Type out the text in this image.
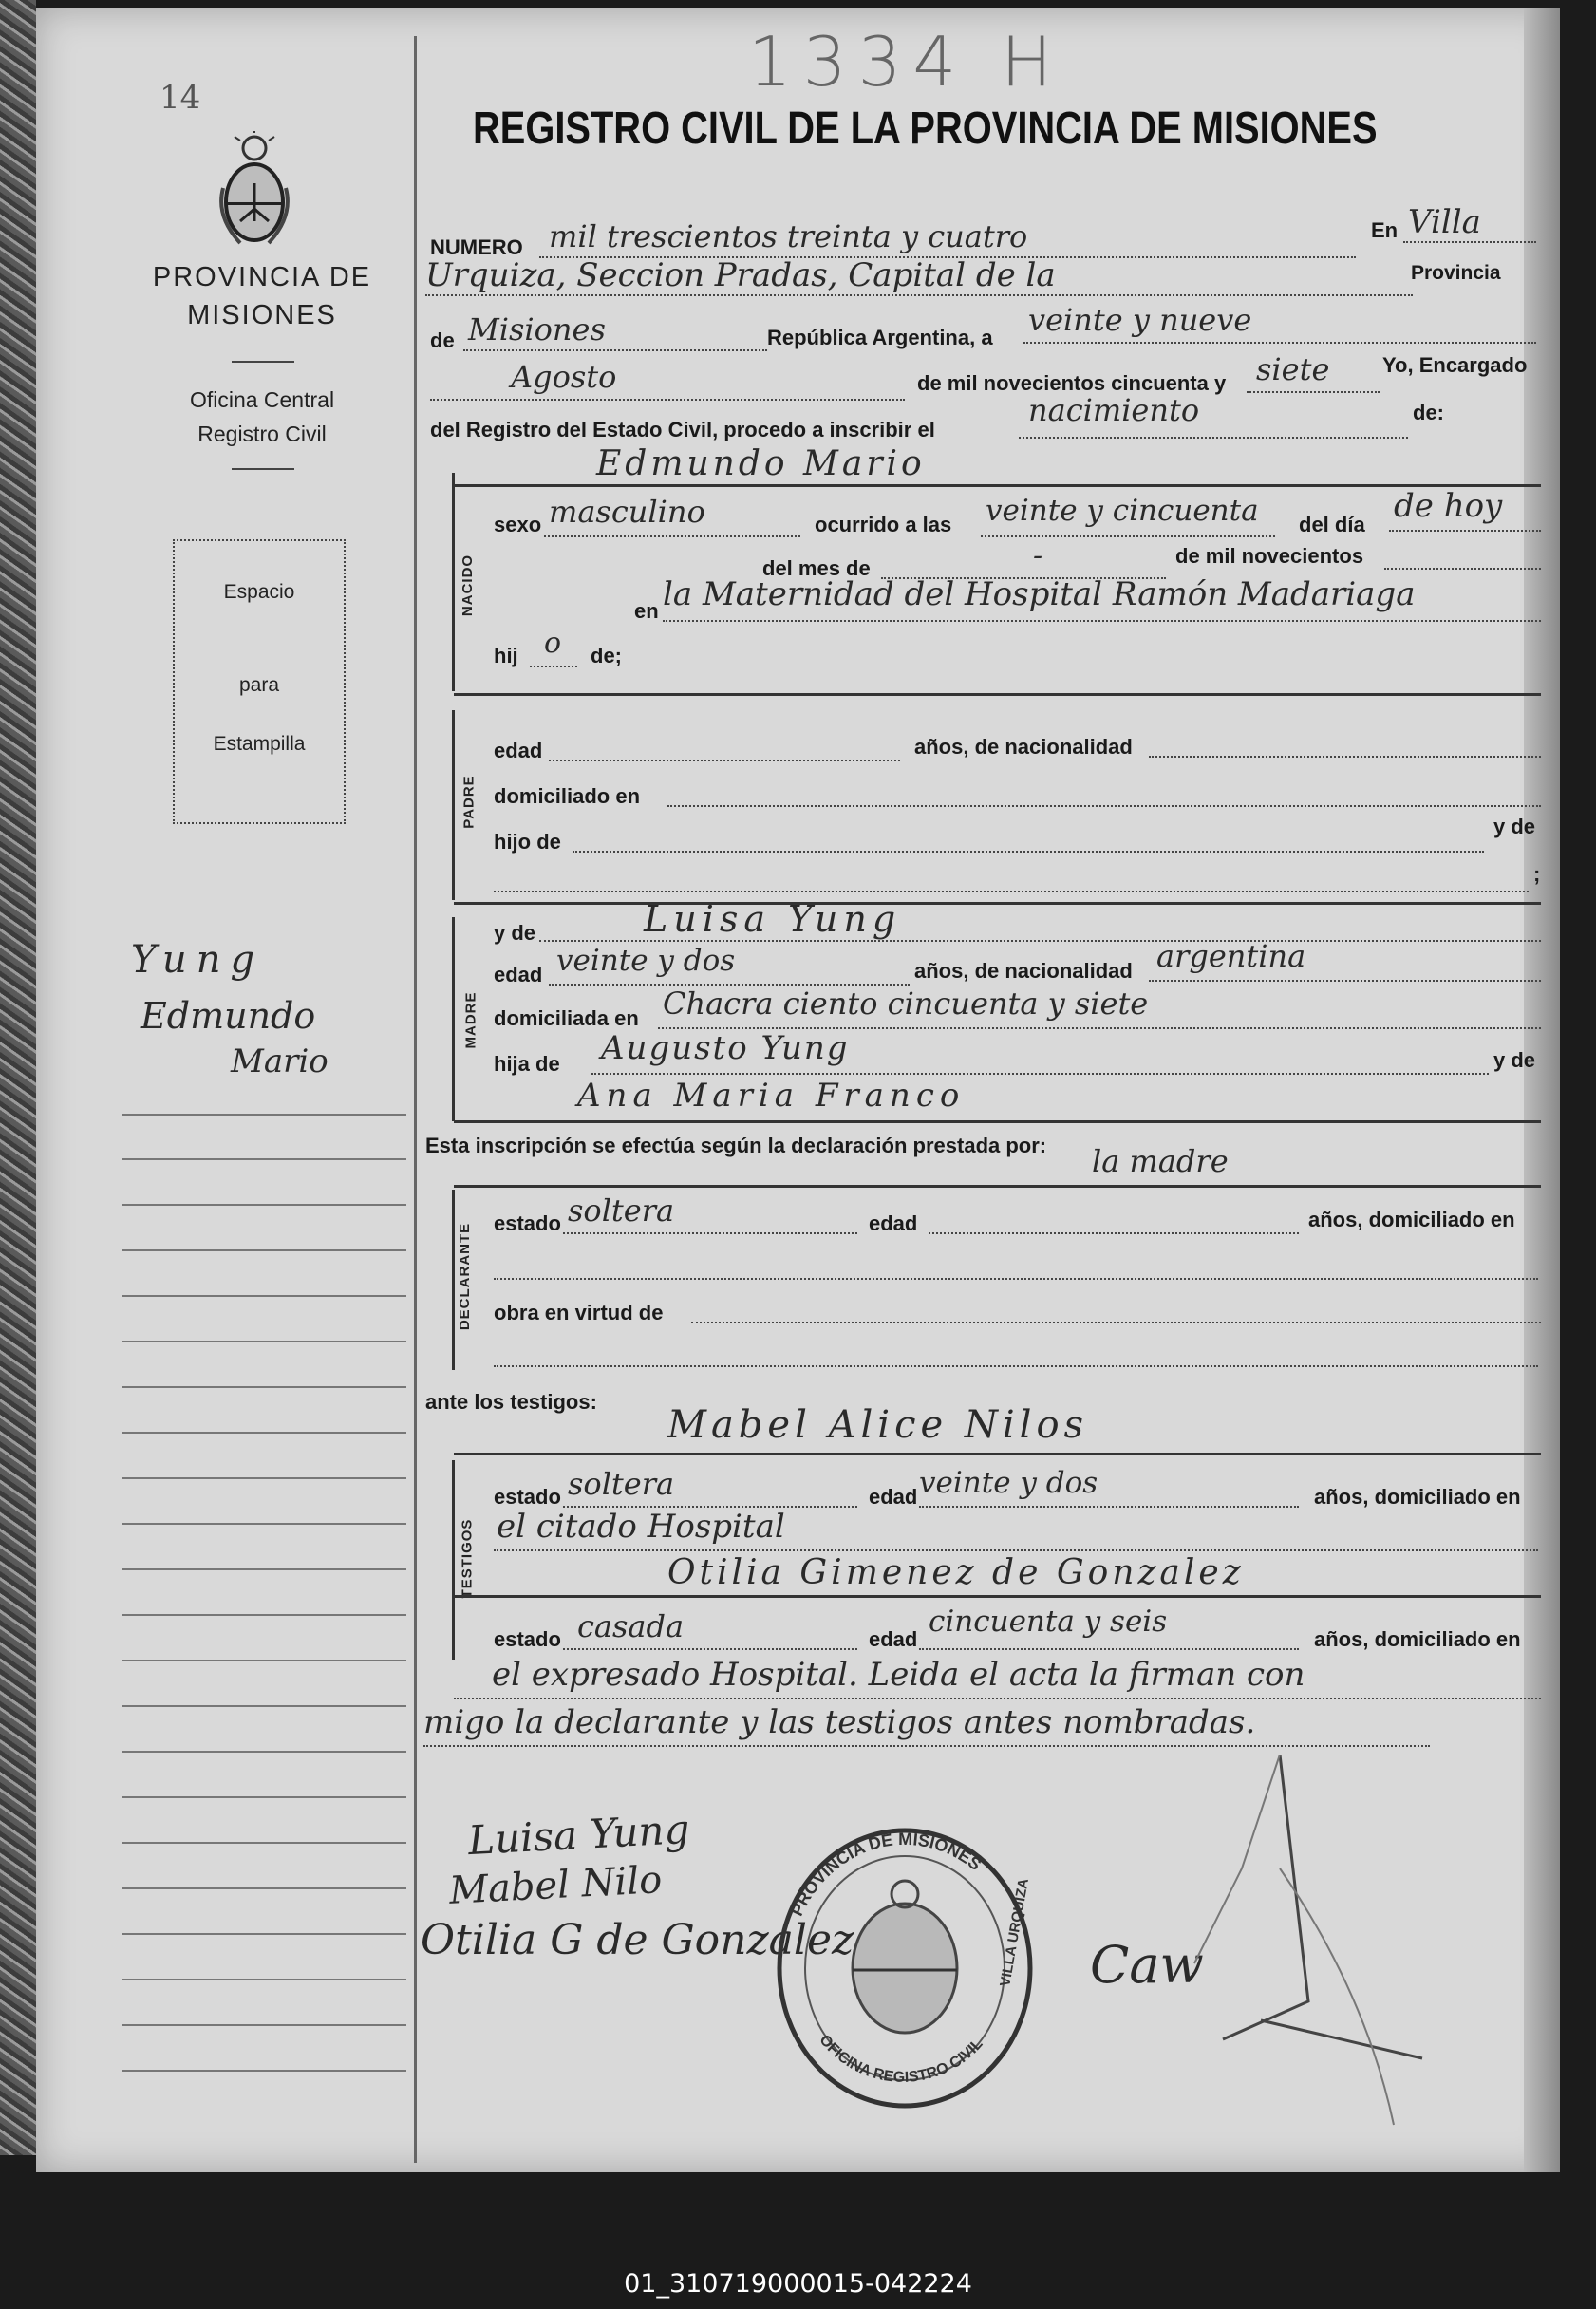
14
PROVINCIA DE
MISIONES
Oficina Central
Registro Civil
Espacio
para
Estampilla
Yung
Edmundo
Mario
1334 H
REGISTRO CIVIL DE LA PROVINCIA DE MISIONES
NUMERO mil trescientos treinta y cuatro	En Villa
Urquiza, Seccion Pradas, Capital de la	Provincia
de Misiones	República Argentina, a veinte y nueve
Agosto	de mil novecientos cincuenta y siete	Yo, Encargado
del Registro del Estado Civil, procedo a inscribir el
nacimiento	de:
NACIDO
Edmundo Mario
sexo masculino	ocurrido a las veinte y cincuenta del día de hoy
del mes de	-	de mil novecientos
en la Maternidad del Hospital Ramón Madariaga
hij o de;
PADRE
edad	años, de nacionalidad
domiciliado en
hijo de
y de
;
MADRE
y de	Luisa Yung
edad veinte y dos	años, de nacionalidad argentina
domiciliada en Chacra ciento cincuenta y siete
hija de Augusto Yung	y de
Ana Maria Franco
Esta inscripción se efectúa según la declaración prestada por: la madre
DECLARANTE estado soltera	edad	años, domiciliado en
obra en virtud de
ante los testigos:
Mabel Alice Nilos
TESTIGOS
estado soltera	edad veinte y dos	años, domiciliado en
el citado Hospital
Otilia Gimenez de Gonzalez
estado casada	edad
cincuenta y seis
años, domiciliado en
el expresado Hospital. Leida el acta la firman con
migo la declarante y las testigos antes nombradas.
Luisa Yung
Mabel Nilo
Otilia G de Gonzalez	Caw
PROVINCIA DE MISIONES
OFICINA REGISTRO CIVIL
VILLA URQUIZA
01_310719000015-042224
